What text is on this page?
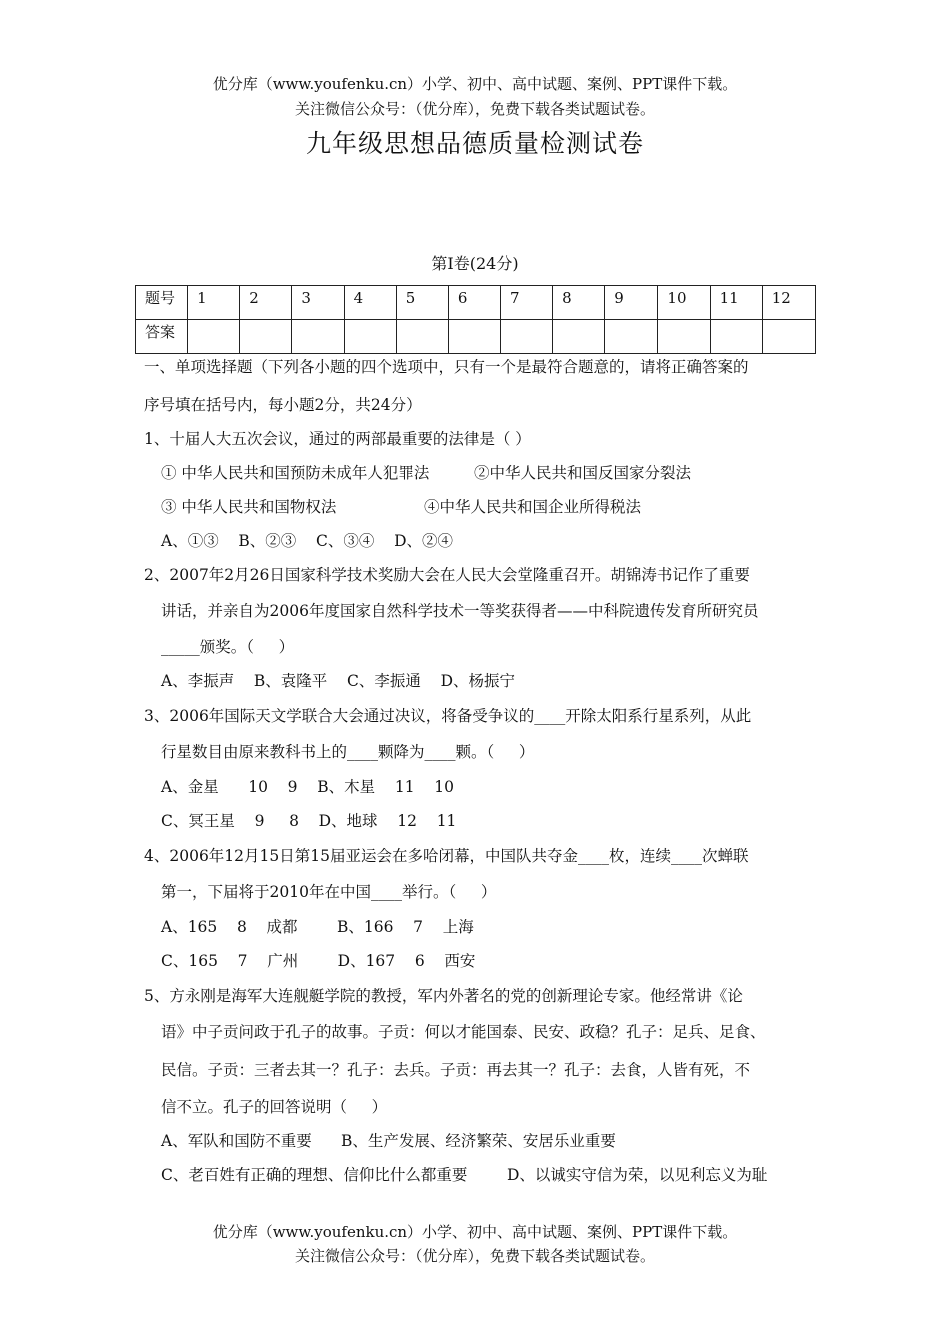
优分库（www.youfenku.cn）小学、初中、高中试题、案例、PPT课件下载。
关注微信公众号：（优分库），免费下载各类试题试卷。
九年级思想品德质量检测试卷
第Ⅰ卷(24分)
题号	1	2	3	4	5	6	7	8	9	10	11	12
答案												
一、单项选择题（下列各小题的四个选项中，只有一个是最符合题意的，请将正确答案的
序号填在括号内，每小题2分，共24分）
1、十届人大五次会议，通过的两部最重要的法律是（ ）
① 中华人民共和国预防未成年人犯罪法	②中华人民共和国反国家分裂法
③ 中华人民共和国物权法	④中华人民共和国企业所得税法
A、①③    B、②③    C、③④    D、②④
2、2007年2月26日国家科学技术奖励大会在人民大会堂隆重召开。胡锦涛书记作了重要
讲话，并亲自为2006年度国家自然科学技术一等奖获得者——中科院遗传发育所研究员
_____颁奖。（     ）
A、李振声    B、袁隆平    C、李振通    D、杨振宁
3、2006年国际天文学联合大会通过决议，将备受争议的____开除太阳系行星系列，从此
行星数目由原来教科书上的____颗降为____颗。（     ）
A、金星      10    9    B、木星    11    10
C、冥王星    9     8    D、地球    12    11
4、2006年12月15日第15届亚运会在多哈闭幕，中国队共夺金____枚，连续____次蝉联
第一，下届将于2010年在中国____举行。（     ）
A、165    8    成都        B、166    7    上海
C、165    7    广州        D、167    6    西安
5、方永刚是海军大连舰艇学院的教授，军内外著名的党的创新理论专家。他经常讲《论
语》中子贡问政于孔子的故事。子贡：何以才能国泰、民安、政稳？孔子：足兵、足食、
民信。子贡：三者去其一？孔子：去兵。子贡：再去其一？孔子：去食，人皆有死，不
信不立。孔子的回答说明（     ）
A、军队和国防不重要 B、生产发展、经济繁荣、安居乐业重要
C、老百姓有正确的理想、信仰比什么都重要	D、以诚实守信为荣，以见利忘义为耻
优分库（www.youfenku.cn）小学、初中、高中试题、案例、PPT课件下载。
关注微信公众号：（优分库），免费下载各类试题试卷。
